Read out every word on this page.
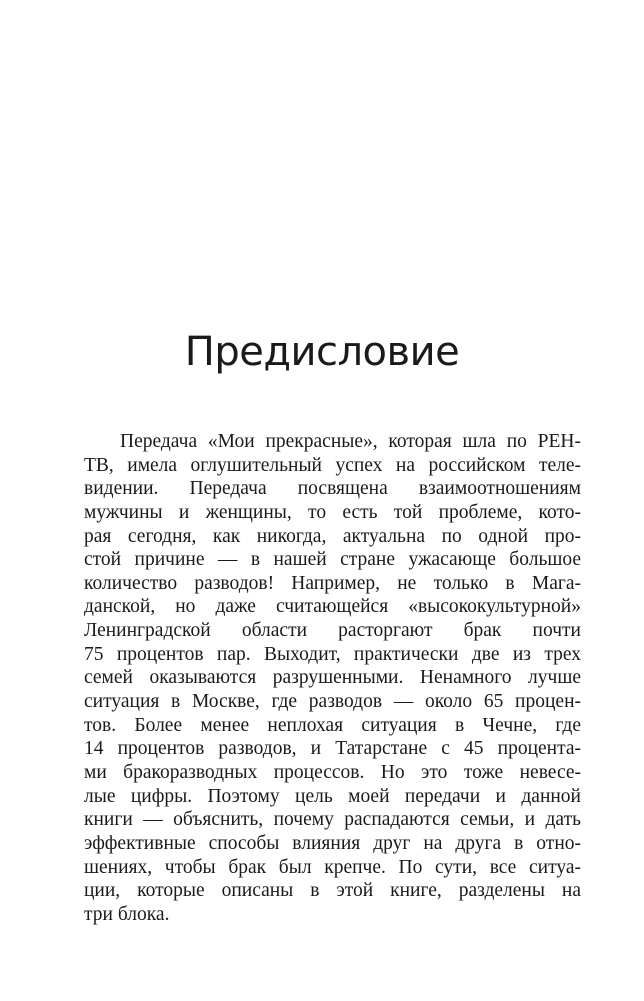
Предисловие
Передача «Мои прекрасные», которая шла по РЕН-
ТВ, имела оглушительный успех на российском теле-
видении. Передача посвящена взаимоотношениям
мужчины и женщины, то есть той проблеме, кото-
рая сегодня, как никогда, актуальна по одной про-
стой причине — в нашей стране ужасающе большое
количество разводов! Например, не только в Мага-
данской, но даже считающейся «высококультурной»
Ленинградской области расторгают брак почти
75 процентов пар. Выходит, практически две из трех
семей оказываются разрушенными. Ненамного лучше
ситуация в Москве, где разводов — около 65 процен-
тов. Более менее неплохая ситуация в Чечне, где
14 процентов разводов, и Татарстане с 45 процента-
ми бракоразводных процессов. Но это тоже невесе-
лые цифры. Поэтому цель моей передачи и данной
книги — объяснить, почему распадаются семьи, и дать
эффективные способы влияния друг на друга в отно-
шениях, чтобы брак был крепче. По сути, все ситуа-
ции, которые описаны в этой книге, разделены на
три блока.
